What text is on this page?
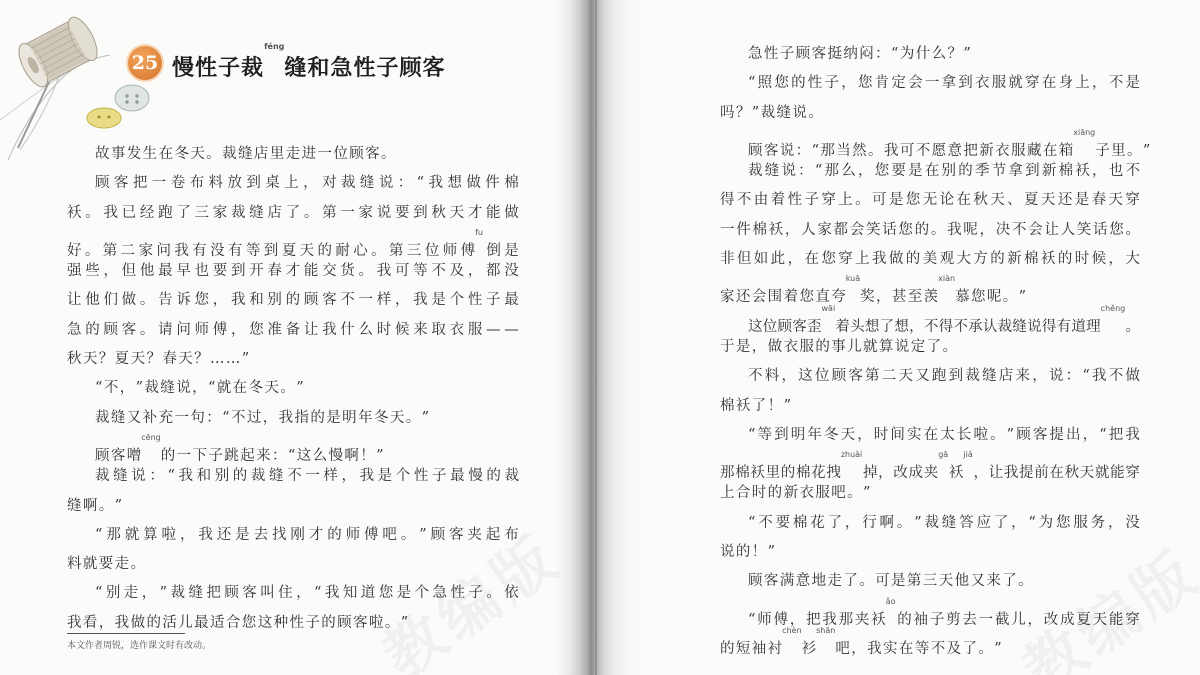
25 慢性子裁féng缝和急性子顾客
故 事 发 生 在 冬 天 。 裁 缝 店 里 走 进 一 位 顾 客 。
顾 客 把 一 卷 布 料 放 到 桌 上 ， 对 裁 缝 说 ： “ 我 想 做 件 棉
袄 。 我 已 经 跑 了 三 家 裁 缝 店 了 。 第 一 家 说 要 到 秋 天 才 能 做
好 。 第 二 家 问 我 有 没 有 等 到 夏 天 的 耐 心 。 第 三 位 师 傅fu
倒 是
强 些 ， 但 他 最 早 也 要 到 开 春 才 能 交 货 。 我 可 等 不 及 ， 都 没
让 他 们 做 。 告 诉 您 ， 我 和 别 的 顾 客 不 一 样 ， 我 是 个 性 子 最
急 的 顾 客 。 请 问 师 傅 ， 您 准 备 让 我 什 么 时 候 来 取 衣 服 — —
秋 天 ？ 夏 天 ？ 春 天 ？ … … ”
“ 不 ， ” 裁 缝 说 ， “ 就 在 冬 天 。 ”
裁 缝 又 补 充 一 句 ： “ 不 过 ， 我 指 的 是 明 年 冬 天 。 ”
顾 客 噌cēng
的 一 下 子 跳 起 来 ： “ 这 么 慢 啊 ！ ”
裁 缝 说 ： “ 我 和 别 的 裁 缝 不 一 样 ， 我 是 个 性 子 最 慢 的 裁
缝 啊 。 ”
“ 那 就 算 啦 ， 我 还 是 去 找 刚 才 的 师 傅 吧 。 ” 顾 客 夹 起 布
料 就 要 走 。
“ 别 走 ， ” 裁 缝 把 顾 客 叫 住 ， “ 我 知 道 您 是 个 急 性 子 。 依
我 看 ， 我 做 的 活 儿 最 适 合 您 这 种 性 子 的 顾 客 啦 。 ”
急 性 子 顾 客 挺 纳 闷 ： “ 为 什 么 ？ ”
“ 照 您 的 性 子 ， 您 肯 定 会 一 拿 到 衣 服 就 穿 在 身 上 ， 不 是
吗 ？ ” 裁 缝 说 。
顾 客 说 ： “ 那 当 然 。 我 可 不 愿 意 把 新 衣 服 藏 在 箱xiāng
子 里 。 ”
裁 缝 说 ： “ 那 么 ， 您 要 是 在 别 的 季 节 拿 到 新 棉 袄 ， 也 不
得 不 由 着 性 子 穿 上 。 可 是 您 无 论 在 秋 天 、 夏 天 还 是 春 天 穿
一 件 棉 袄 ， 人 家 都 会 笑 话 您 的 。 我 呢 ， 决 不 会 让 人 笑 话 您 。
非 但 如 此 ， 在 您 穿 上 我 做 的 美 观 大 方 的 新 棉 袄 的 时 候 ， 大
家 还 会 围 着 您 直 夸kuā
奖 ， 甚 至 羡xiàn
慕 您 呢 。 ”
这 位 顾 客 歪wāi
着 头 想 了 想 ， 不 得 不 承 认 裁 缝 说 得 有 道 理chěng
。
于 是 ， 做 衣 服 的 事 儿 就 算 说 定 了 。
不 料 ， 这 位 顾 客 第 二 天 又 跑 到 裁 缝 店 来 ， 说 ： “ 我 不 做
棉 袄 了 ！ ”
“ 等 到 明 年 冬 天 ， 时 间 实 在 太 长 啦 。 ” 顾 客 提 出 ， “ 把 我
那 棉 袄 里 的 棉 花 拽zhuài
掉 ， 改 成 夹gā
袄jiá
， 让 我 提 前 在 秋 天 就 能 穿
上 合 时 的 新 衣 服 吧 。 ”
“ 不 要 棉 花 了 ， 行 啊 。 ” 裁 缝 答 应 了 ， “ 为 您 服 务 ， 没
说 的 ！ ”
顾 客 满 意 地 走 了 。 可 是 第 三 天 他 又 来 了 。
“ 师 傅 ， 把 我 那 夹 袄ǎo
的 袖 子 剪 去 一 截 儿 ， 改 成 夏 天 能 穿
的 短 袖 衬chèn
衫shān
吧 ， 我 实 在 等 不 及 了 。 ”
本文作者周锐，选作课文时有改动。
